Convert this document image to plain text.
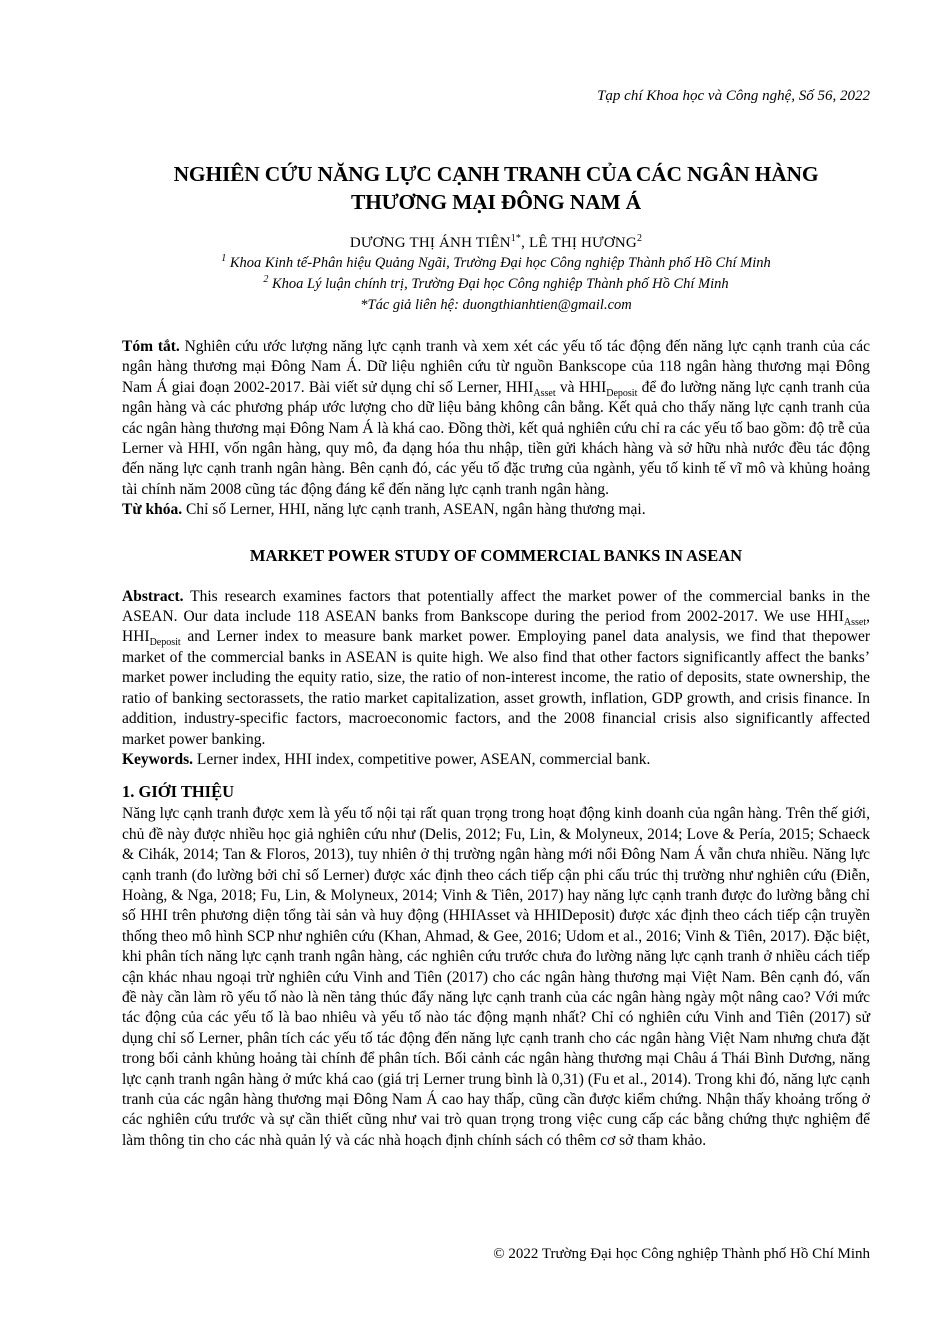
Tạp chí Khoa học và Công nghệ, Số 56, 2022
NGHIÊN CỨU NĂNG LỰC CẠNH TRANH CỦA CÁC NGÂN HÀNG
THƯƠNG MẠI ĐÔNG NAM Á
DƯƠNG THỊ ÁNH $TIÊN^{1*}$, LÊ THỊ HƯƠNG$^2$
$^1$ Khoa Kinh tế-Phân hiệu Quảng Ngãi, Trường Đại học Công nghiệp Thành phố Hồ Chí Minh
$^2$ Khoa Lý luận chính trị, Trường Đại học Công nghiệp Thành phố Hồ Chí Minh
*Tác giả liên hệ: duongthianhtien@gmail.com

Tóm tắt. Nghiên cứu ước lượng năng lực cạnh tranh và xem xét các yếu tố tác động đến năng lực cạnh tranh của các ngân hàng thương mại Đông Nam Á. Dữ liệu nghiên cứu từ nguồn Bankscope của 118 ngân hàng thương mại Đông Nam Á giai đoạn 2002-2017. Bài viết sử dụng chỉ số Lerner, $HHI_{Asset}$ và $HHI_{Deposit}$ để đo lường năng lực cạnh tranh của ngân hàng và các phương pháp ước lượng cho dữ liệu bảng không cân bằng. Kết quả cho thấy năng lực cạnh tranh của các ngân hàng thương mại Đông Nam Á là khá cao. Đồng thời, kết quả nghiên cứu chỉ ra các yếu tố bao gồm: độ trễ của Lerner và HHI, vốn ngân hàng, quy mô, đa dạng hóa thu nhập, tiền gửi khách hàng và sở hữu nhà nước đều tác động đến năng lực cạnh tranh ngân hàng. Bên cạnh đó, các yếu tố đặc trưng của ngành, yếu tố kinh tế vĩ mô và khủng hoảng tài chính năm 2008 cũng tác động đáng kể đến năng lực cạnh tranh ngân hàng.

Từ khóa. Chỉ số Lerner, HHI, năng lực cạnh tranh, ASEAN, ngân hàng thương mại.

MARKET POWER STUDY OF COMMERCIAL BANKS IN ASEAN

Abstract. This research examines factors that potentially affect the market power of the commercial banks in the ASEAN. Our data include 118 ASEAN banks from Bankscope during the period from 2002-2017. We use $HHI_{Asset}$, $HHI_{Deposit}$ and Lerner index to measure bank market power. Employing panel data analysis, we find that thepower market of the commercial banks in ASEAN is quite high. We also find that other factors significantly affect the banks’ market power including the equity ratio, size, the ratio of non-interest income, the ratio of deposits, state ownership, the ratio of banking sectorassets, the ratio market capitalization, asset growth, inflation, GDP growth, and crisis finance. In addition, industry-specific factors, macroeconomic factors, and the 2008 financial crisis also significantly affected market power banking.

Keywords. Lerner index, HHI index, competitive power, ASEAN, commercial bank.

1. GIỚI THIỆU

Năng lực cạnh tranh được xem là yếu tố nội tại rất quan trọng trong hoạt động kinh doanh của ngân hàng. Trên thế giới, chủ đề này được nhiều học giả nghiên cứu như (Delis, 2012; Fu, Lin, & Molyneux, 2014; Love & Pería, 2015; Schaeck & Cihák, 2014; Tan & Floros, 2013), tuy nhiên ở thị trường ngân hàng mới nổi Đông Nam Á vẫn chưa nhiều. Năng lực cạnh tranh (đo lường bởi chỉ số Lerner) được xác định theo cách tiếp cận phi cấu trúc thị trường như nghiên cứu (Điễn, Hoàng, & Nga, 2018; Fu, Lin, & Molyneux, 2014; Vinh & Tiên, 2017) hay năng lực cạnh tranh được đo lường bằng chỉ số HHI trên phương diện tổng tài sản và huy động (HHIAsset và HHIDeposit) được xác định theo cách tiếp cận truyền thống theo mô hình SCP như nghiên cứu (Khan, Ahmad, & Gee, 2016; Udom et al., 2016; Vinh & Tiên, 2017). Đặc biệt, khi phân tích năng lực cạnh tranh ngân hàng, các nghiên cứu trước chưa đo lường năng lực cạnh tranh ở nhiều cách tiếp cận khác nhau ngoại trừ nghiên cứu Vinh and Tiên (2017) cho các ngân hàng thương mại Việt Nam. Bên cạnh đó, vấn đề này cần làm rõ yếu tố nào là nền tảng thúc đẩy năng lực cạnh tranh của các ngân hàng ngày một nâng cao? Với mức tác động của các yếu tố là bao nhiêu và yếu tố nào tác động mạnh nhất? Chỉ có nghiên cứu Vinh and Tiên (2017) sử dụng chỉ số Lerner, phân tích các yếu tố tác động đến năng lực cạnh tranh cho các ngân hàng Việt Nam nhưng chưa đặt trong bối cảnh khủng hoảng tài chính để phân tích. Bối cảnh các ngân hàng thương mại Châu á Thái Bình Dương, năng lực cạnh tranh ngân hàng ở mức khá cao (giá trị Lerner trung bình là 0,31) (Fu et al., 2014). Trong khi đó, năng lực cạnh tranh của các ngân hàng thương mại Đông Nam Á cao hay thấp, cũng cần được kiểm chứng. Nhận thấy khoảng trống ở các nghiên cứu trước và sự cần thiết cũng như vai trò quan trọng trong việc cung cấp các bằng chứng thực nghiệm để làm thông tin cho các nhà quản lý và các nhà hoạch định chính sách có thêm cơ sở tham khảo.

© 2022 Trường Đại học Công nghiệp Thành phố Hồ Chí Minh
